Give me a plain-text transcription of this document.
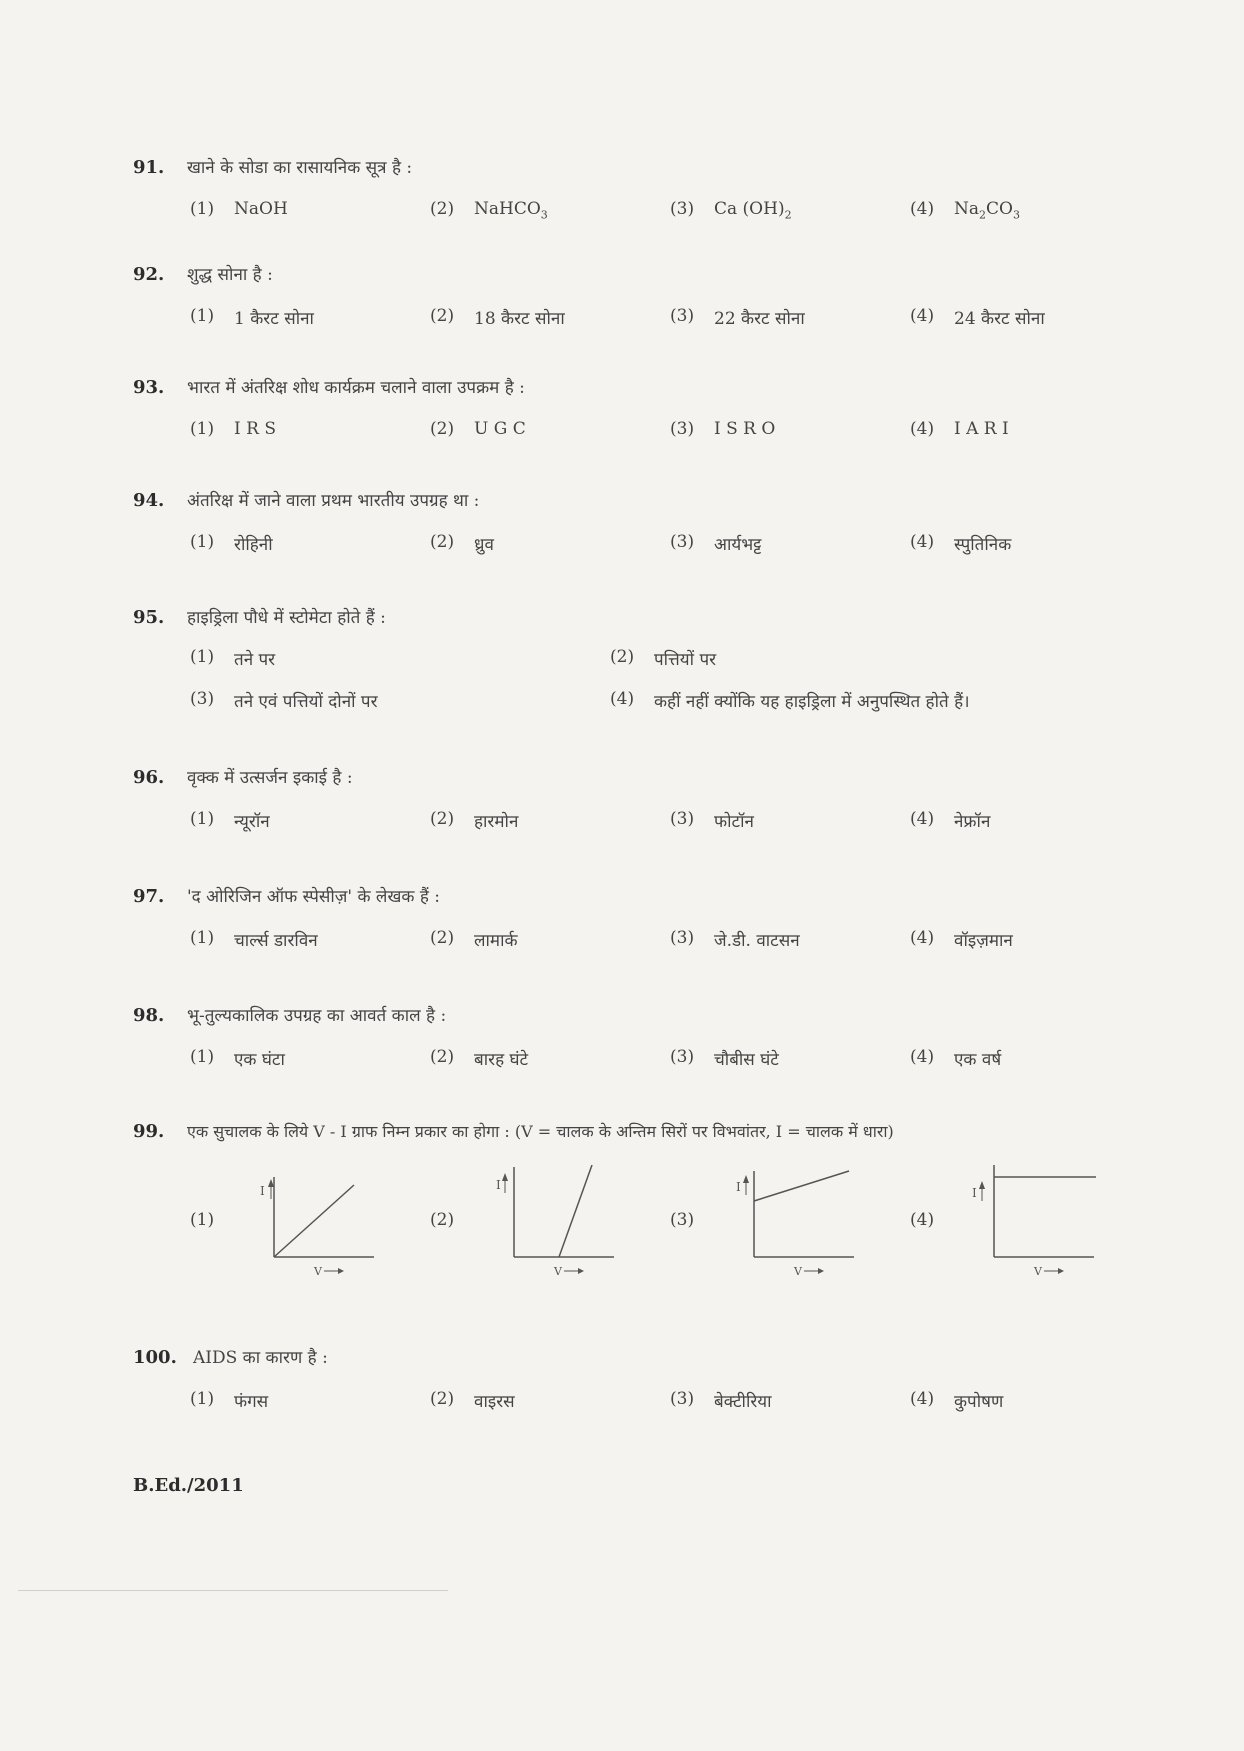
91.	खाने के सोडा का रासायनिक सूत्र है :
(1)	NaOH	(2)	NaHCO$_3$	(3)	Ca $(OH)_2$	(4)	$Na_2CO_3$
92.	शुद्ध सोना है :
(1)	1 कैरट सोना	(2)	18 कैरट सोना	(3)	22 कैरट सोना	(4)	24 कैरट सोना
93.	भारत में अंतरिक्ष शोध कार्यक्रम चलाने वाला उपक्रम है :
(1)	I R S	(2)	U G C	(3)	I S R O	(4)	I A R I
94.	अंतरिक्ष में जाने वाला प्रथम भारतीय उपग्रह था :
(1)	रोहिनी	(2)	ध्रुव	(3)	आर्यभट्ट	(4)	स्पुतिनिक
95.	हाइड्रिला पौधे में स्टोमेटा होते हैं :
(1)	तने पर	(2)	पत्तियों पर
(3)	तने एवं पत्तियों दोनों पर	(4)	कहीं नहीं क्योंकि यह हाइड्रिला में अनुपस्थित होते हैं।
96.	वृक्क में उत्सर्जन इकाई है :
(1)	न्यूरॉन	(2)	हारमोन	(3)	फोटॉन	(4)	नेफ्रॉन
97.	'द ओरिजिन ऑफ स्पेसीज़' के लेखक हैं :
(1)	चार्ल्स डारविन	(2)	लामार्क	(3)	जे.डी. वाटसन	(4)	वॉइज़मान
98.	भू-तुल्यकालिक उपग्रह का आवर्त काल है :
(1)	एक घंटा	(2)	बारह घंटे	(3)	चौबीस घंटे	(4)	एक वर्ष
99.	एक सुचालक के लिये V - I ग्राफ निम्न प्रकार का होगा : (V = चालक के अन्तिम सिरों पर विभवांतर, I = चालक में धारा)
(1)
I
V
(2)
I
V
(3)
I
V
(4)
I
V
100. AIDS का कारण है :
(1)	फंगस	(2)	वाइरस	(3)	बेक्टीरिया	(4)	कुपोषण
B.Ed./2011
